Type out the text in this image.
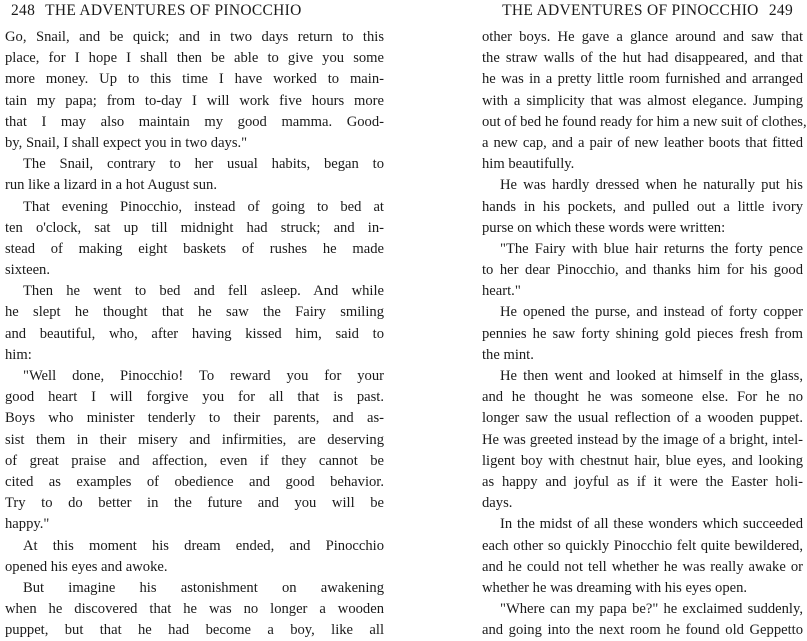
248 THE ADVENTURES OF PINOCCHIO
Go, Snail, and be quick; and in two days return to this
place, for I hope I shall then be able to give you some
more money. Up to this time I have worked to main-
tain my papa; from to-day I will work five hours more
that I may also maintain my good mamma. Good-
by, Snail, I shall expect you in two days."
The Snail, contrary to her usual habits, began to
run like a lizard in a hot August sun.
That evening Pinocchio, instead of going to bed at
ten o'clock, sat up till midnight had struck; and in-
stead of making eight baskets of rushes he made
sixteen.
Then he went to bed and fell asleep. And while
he slept he thought that he saw the Fairy smiling
and beautiful, who, after having kissed him, said to
him:
"Well done, Pinocchio! To reward you for your
good heart I will forgive you for all that is past.
Boys who minister tenderly to their parents, and as-
sist them in their misery and infirmities, are deserving
of great praise and affection, even if they cannot be
cited as examples of obedience and good behavior.
Try to do better in the future and you will be
happy."
At this moment his dream ended, and Pinocchio
opened his eyes and awoke.
But imagine his astonishment on awakening
when he discovered that he was no longer a wooden
puppet, but that he had become a boy, like all
THE ADVENTURES OF PINOCCHIO 249
other boys. He gave a glance around and saw that
the straw walls of the hut had disappeared, and that
he was in a pretty little room furnished and arranged
with a simplicity that was almost elegance. Jumping
out of bed he found ready for him a new suit of clothes,
a new cap, and a pair of new leather boots that fitted
him beautifully.
He was hardly dressed when he naturally put his
hands in his pockets, and pulled out a little ivory
purse on which these words were written:
"The Fairy with blue hair returns the forty pence
to her dear Pinocchio, and thanks him for his good
heart."
He opened the purse, and instead of forty copper
pennies he saw forty shining gold pieces fresh from
the mint.
He then went and looked at himself in the glass,
and he thought he was someone else. For he no
longer saw the usual reflection of a wooden puppet.
He was greeted instead by the image of a bright, intel-
ligent boy with chestnut hair, blue eyes, and looking
as happy and joyful as if it were the Easter holi-
days.
In the midst of all these wonders which succeeded
each other so quickly Pinocchio felt quite bewildered,
and he could not tell whether he was really awake or
whether he was dreaming with his eyes open.
"Where can my papa be?" he exclaimed suddenly,
and going into the next room he found old Geppetto
